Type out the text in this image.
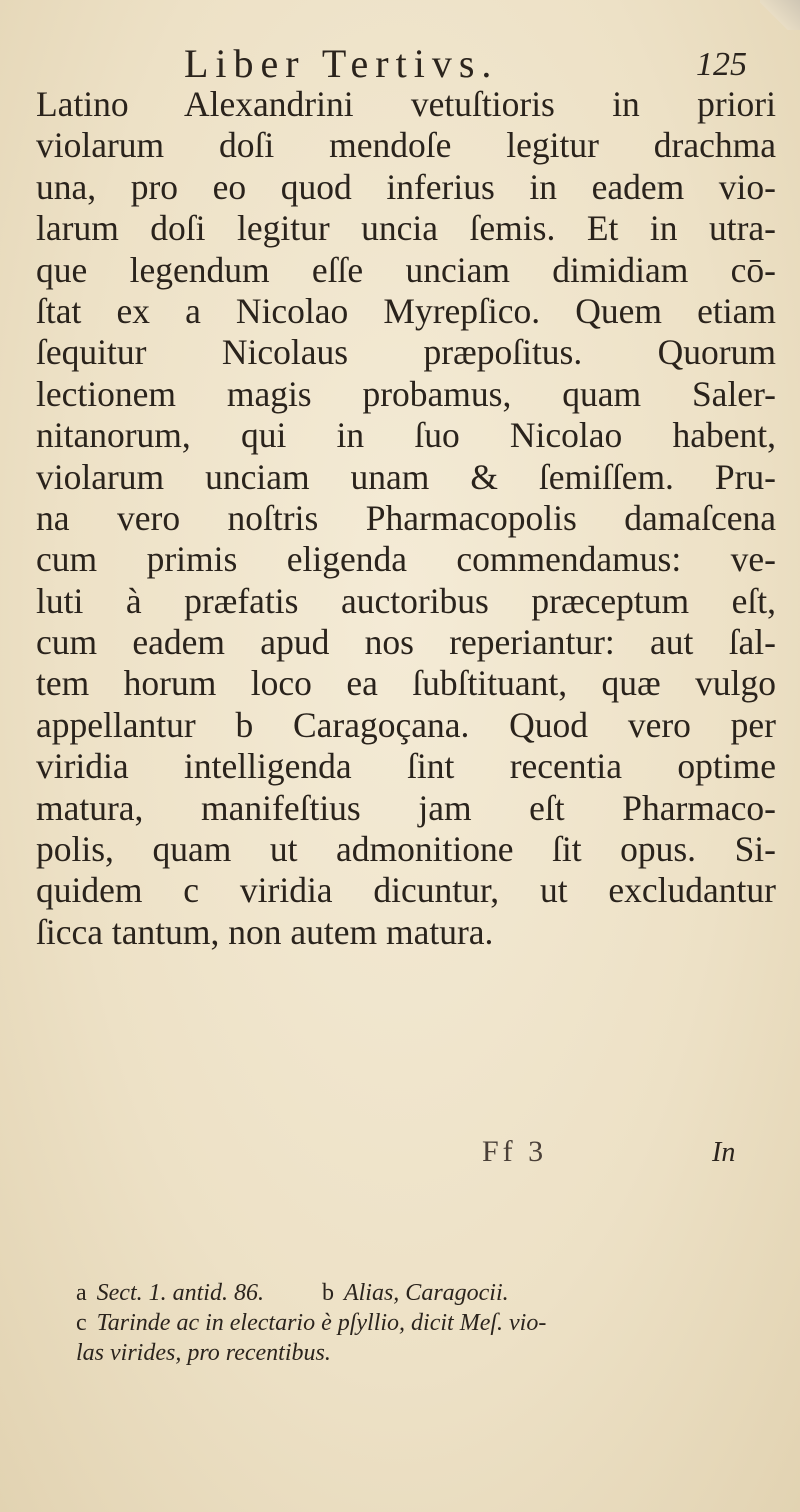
Liber Tertivs.	125
Latino Alexandrini vetuſtioris in priori
violarum doſi mendoſe legitur drachma
una, pro eo quod inferius in eadem vio-
larum doſi legitur uncia ſemis. Et in utra-
que legendum eſſe unciam dimidiam cō-
ſtat ex a Nicolao Myrepſico. Quem etiam
ſequitur Nicolaus præpoſitus. Quorum
lectionem magis probamus, quam Saler-
nitanorum, qui in ſuo Nicolao habent,
violarum unciam unam & ſemiſſem. Pru-
na vero noſtris Pharmacopolis damaſcena
cum primis eligenda commendamus: ve-
luti à præfatis auctoribus præceptum eſt,
cum eadem apud nos reperiantur: aut ſal-
tem horum loco ea ſubſtituant, quæ vulgo
appellantur b Caragoçana. Quod vero per
viridia intelligenda ſint recentia optime
matura, manifeſtius jam eſt Pharmaco-
polis, quam ut admonitione ſit opus. Si-
quidem c viridia dicuntur, ut excludantur
ſicca tantum, non autem matura.
Ff 3	In
a Sect. 1. antid. 86. b Alias, Caragocii.
c Tarinde ac in electario è pſyllio, dicit Meſ. vio-
las virides, pro recentibus.
